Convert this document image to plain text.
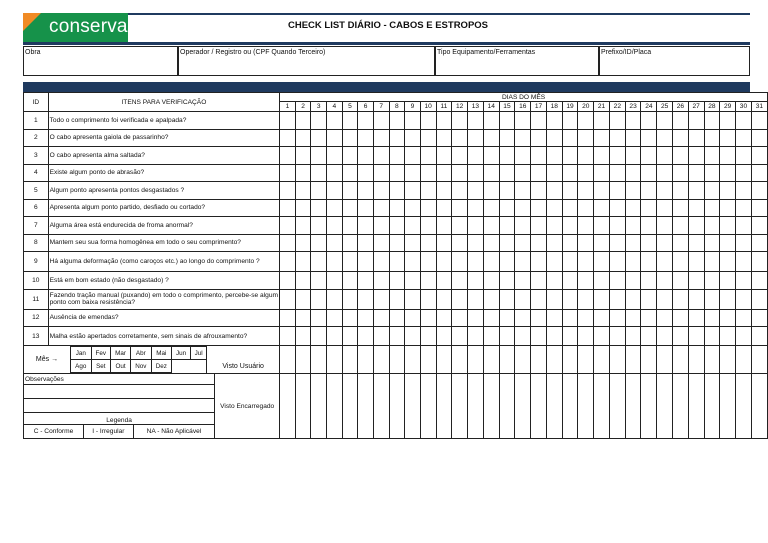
conserva	CHECK LIST DIÁRIO - CABOS E ESTROPOS
Obra	Operador / Registro ou (CPF Quando Terceiro)	Tipo Equipamento/Ferramentas	Prefixo/ID/Placa
ID	ITENS PARA VERIFICAÇÃO	DIAS DO MÊS
1	2	3	4	5	6	7	8	9	10	11	12	13	14	15	16	17	18	19	20	21	22	23	24	25	26	27	28	29	30	31
1	Todo o comprimento foi verificada e apalpada?																															
2	O cabo apresenta gaiola de passarinho?																															
3	O cabo apresenta alma saltada?																															
4	Existe algum ponto de abrasão?																															
5	Algum ponto apresenta pontos desgastados ?																															
6	Apresenta algum ponto partido, desfiado ou cortado?																															
7	Alguma área está endurecida de froma anormal?																															
8	Mantem seu sua forma homogênea em todo o seu comprimento?																															
9	Há alguma deformação (como caroços etc.) ao longo do comprimento ?																															
10	Está em bom estado (não desgastado) ?																															
11	Fazendo tração manual (puxando) em todo o comprimento, percebe-se algum ponto com baixa resistência?																															
12	Ausência de emendas?																															
13	Malha estão apertados corretamente, sem sinais de afrouxamento?																															

Mês →	Jan	Fev	Mar	Abr	Mai	Jun	Jul	Visto Usuário
Ago	Set	Out	Nov	Dez		

Observações	Visto Encarregado

Legenda
C - Conforme	I - Irregular	NA - Não Aplicável
